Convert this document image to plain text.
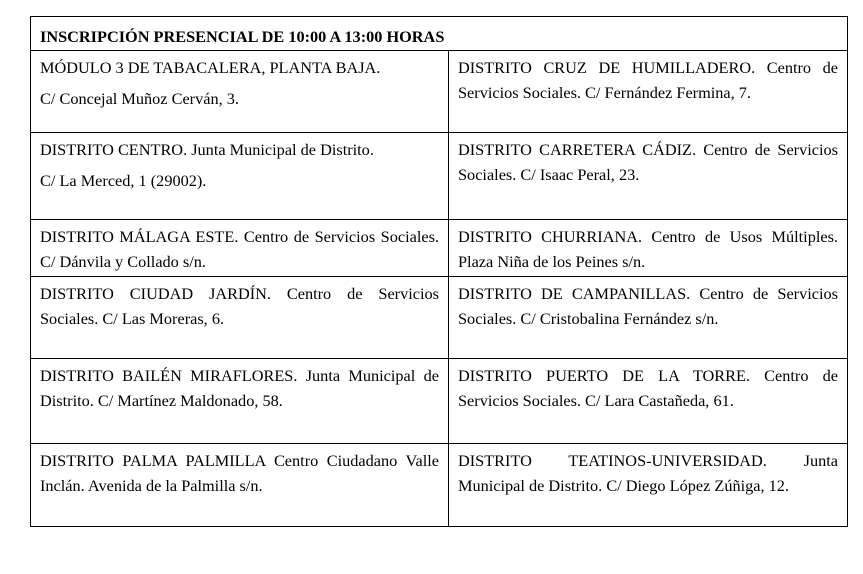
INSCRIPCIÓN PRESENCIAL DE 10:00 A 13:00 HORAS	

MÓDULO 3 DE TABACALERA, PLANTA BAJA.

C/ Concejal Muñoz Cerván, 3.	DISTRITO CRUZ DE HUMILLADERO. Centro de Servicios Sociales. C/ Fernández Fermina, 7.

DISTRITO CENTRO. Junta Municipal de Distrito.

C/ La Merced, 1 (29002).	DISTRITO CARRETERA CÁDIZ. Centro de Servicios Sociales. C/ Isaac Peral, 23.

DISTRITO MÁLAGA ESTE. Centro de Servicios Sociales. C/ Dánvila y Collado s/n.	DISTRITO CHURRIANA. Centro de Usos Múltiples. Plaza Niña de los Peines s/n.

DISTRITO CIUDAD JARDÍN. Centro de Servicios Sociales. C/ Las Moreras, 6.	DISTRITO DE CAMPANILLAS. Centro de Servicios Sociales. C/ Cristobalina Fernández s/n.

DISTRITO BAILÉN MIRAFLORES. Junta Municipal de Distrito. C/ Martínez Maldonado, 58.	DISTRITO PUERTO DE LA TORRE. Centro de Servicios Sociales. C/ Lara Castañeda, 61.

DISTRITO PALMA PALMILLA Centro Ciudadano Valle Inclán. Avenida de la Palmilla s/n.	DISTRITO TEATINOS-UNIVERSIDAD. Junta Municipal de Distrito. C/ Diego López Zúñiga, 12.
